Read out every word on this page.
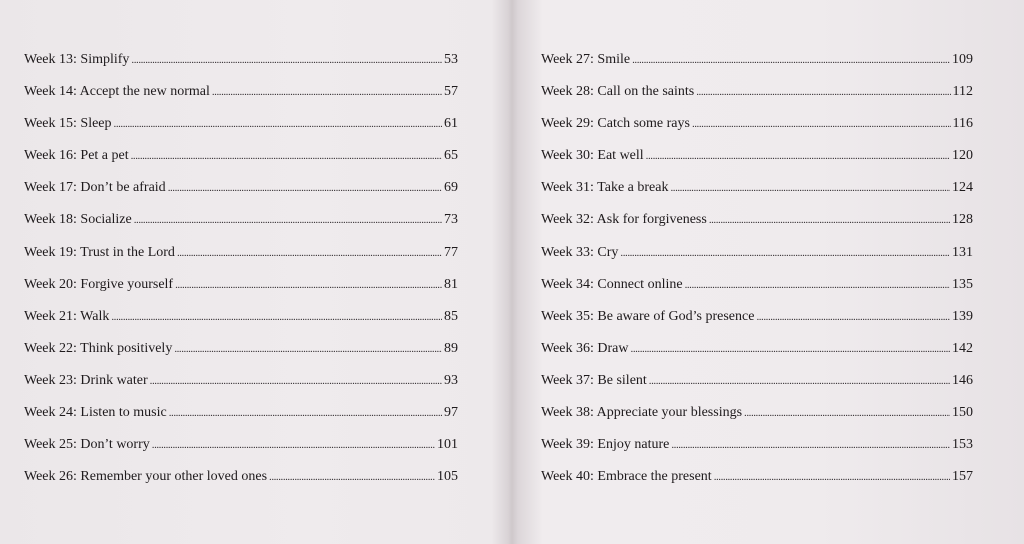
Week 13: Simplify . . .	53
Week 14: Accept the new normal . . .	57
Week 15: Sleep . . .	61
Week 16: Pet a pet . . .	65
Week 17: Don’t be afraid . . .	69
Week 18: Socialize . . .	73
Week 19: Trust in the Lord . . .	77
Week 20: Forgive yourself . . .	81
Week 21: Walk . . .	85
Week 22: Think positively . . .	89
Week 23: Drink water . . .	93
Week 24: Listen to music . . .	97
Week 25: Don’t worry . . .	101
Week 26: Remember your other loved ones . . .	105
Week 27: Smile . . .	109
Week 28: Call on the saints . . .	112
Week 29: Catch some rays . . .	116
Week 30: Eat well . . .	120
Week 31: Take a break . . .	124
Week 32: Ask for forgiveness . . .	128
Week 33: Cry . . .	131
Week 34: Connect online . . .	135
Week 35: Be aware of God’s presence . . .	139
Week 36: Draw . . .	142
Week 37: Be silent . . .	146
Week 38: Appreciate your blessings . . .	150
Week 39: Enjoy nature . . .	153
Week 40: Embrace the present . . .	157
